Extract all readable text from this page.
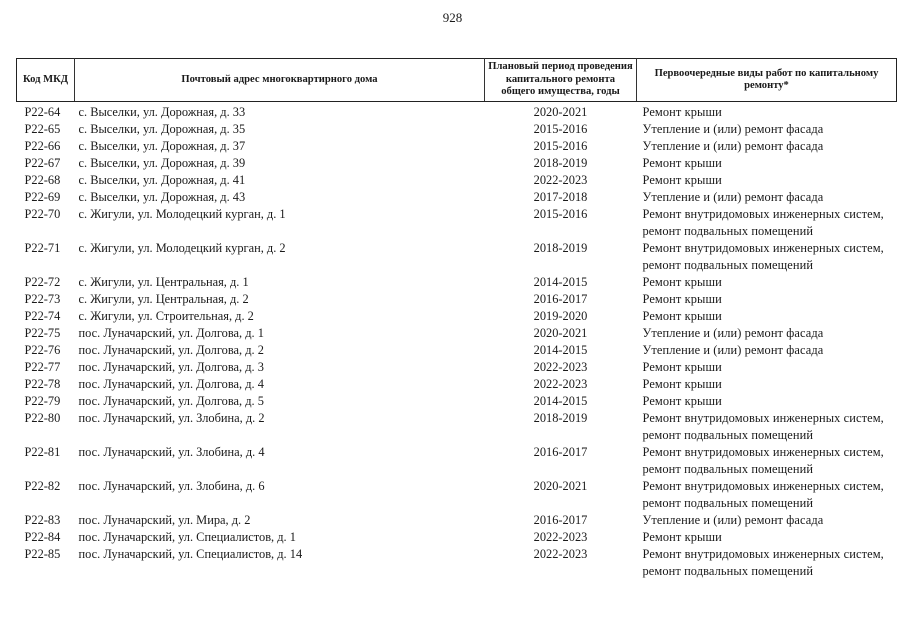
928
Код МКД	Почтовый адрес многоквартирного дома	Плановый период проведения капитального ремонта общего имущества, годы	Первоочередные виды работ по капитальному ремонту*
Р22-64	с. Выселки, ул. Дорожная, д. 33	2020-2021	Ремонт крыши
Р22-65	с. Выселки, ул. Дорожная, д. 35	2015-2016	Утепление и (или) ремонт фасада
Р22-66	с. Выселки, ул. Дорожная, д. 37	2015-2016	Утепление и (или) ремонт фасада
Р22-67	с. Выселки, ул. Дорожная, д. 39	2018-2019	Ремонт крыши
Р22-68	с. Выселки, ул. Дорожная, д. 41	2022-2023	Ремонт крыши
Р22-69	с. Выселки, ул. Дорожная, д. 43	2017-2018	Утепление и (или) ремонт фасада
Р22-70	с. Жигули, ул. Молодецкий курган, д. 1	2015-2016	Ремонт внутридомовых инженерных систем, ремонт подвальных помещений
Р22-71	с. Жигули, ул. Молодецкий курган, д. 2	2018-2019	Ремонт внутридомовых инженерных систем, ремонт подвальных помещений
Р22-72	с. Жигули, ул. Центральная, д. 1	2014-2015	Ремонт крыши
Р22-73	с. Жигули, ул. Центральная, д. 2	2016-2017	Ремонт крыши
Р22-74	с. Жигули, ул. Строительная, д. 2	2019-2020	Ремонт крыши
Р22-75	пос. Луначарский, ул. Долгова, д. 1	2020-2021	Утепление и (или) ремонт фасада
Р22-76	пос. Луначарский, ул. Долгова, д. 2	2014-2015	Утепление и (или) ремонт фасада
Р22-77	пос. Луначарский, ул. Долгова, д. 3	2022-2023	Ремонт крыши
Р22-78	пос. Луначарский, ул. Долгова, д. 4	2022-2023	Ремонт крыши
Р22-79	пос. Луначарский, ул. Долгова, д. 5	2014-2015	Ремонт крыши
Р22-80	пос. Луначарский, ул. Злобина, д. 2	2018-2019	Ремонт внутридомовых инженерных систем, ремонт подвальных помещений
Р22-81	пос. Луначарский, ул. Злобина, д. 4	2016-2017	Ремонт внутридомовых инженерных систем, ремонт подвальных помещений
Р22-82	пос. Луначарский, ул. Злобина, д. 6	2020-2021	Ремонт внутридомовых инженерных систем, ремонт подвальных помещений
Р22-83	пос. Луначарский, ул. Мира, д. 2	2016-2017	Утепление и (или) ремонт фасада
Р22-84	пос. Луначарский, ул. Специалистов, д. 1	2022-2023	Ремонт крыши
Р22-85	пос. Луначарский, ул. Специалистов, д. 14	2022-2023	Ремонт внутридомовых инженерных систем, ремонт подвальных помещений
